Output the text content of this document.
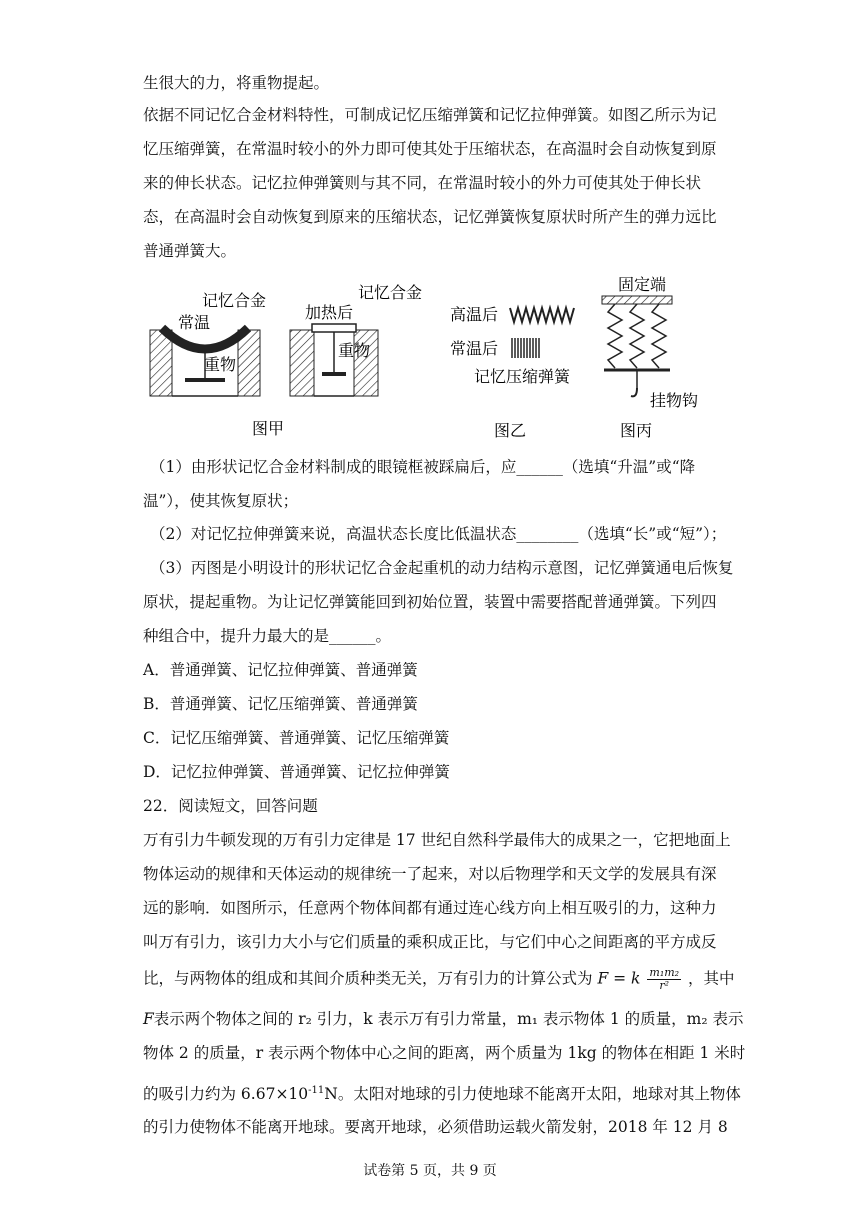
生很大的力，将重物提起。
依据不同记忆合金材料特性，可制成记忆压缩弹簧和记忆拉伸弹簧。如图乙所示为记
忆压缩弹簧，在常温时较小的外力即可使其处于压缩状态，在高温时会自动恢复到原
来的伸长状态。记忆拉伸弹簧则与其不同，在常温时较小的外力可使其处于伸长状
态，在高温时会自动恢复到原来的压缩状态，记忆弹簧恢复原状时所产生的弹力远比
普通弹簧大。
记忆合金
常温
重物
加热后
记忆合金
重物
高温后
常温后
记忆压缩弹簧
固定端
挂物钩
图甲	图乙	图丙
（1）由形状记忆合金材料制成的眼镜框被踩扁后，应______（选填“升温”或“降
温”），使其恢复原状；
（2）对记忆拉伸弹簧来说，高温状态长度比低温状态________（选填“长”或“短”）；
（3）丙图是小明设计的形状记忆合金起重机的动力结构示意图，记忆弹簧通电后恢复
原状，提起重物。为让记忆弹簧能回到初始位置，装置中需要搭配普通弹簧。下列四
种组合中，提升力最大的是______。
A．普通弹簧、记忆拉伸弹簧、普通弹簧
B．普通弹簧、记忆压缩弹簧、普通弹簧
C．记忆压缩弹簧、普通弹簧、记忆压缩弹簧
D．记忆拉伸弹簧、普通弹簧、记忆拉伸弹簧
22．阅读短文，回答问题
万有引力牛顿发现的万有引力定律是 17 世纪自然科学最伟大的成果之一，它把地面上
物体运动的规律和天体运动的规律统一了起来，对以后物理学和天文学的发展具有深
远的影响．如图所示，任意两个物体间都有通过连心线方向上相互吸引的力，这种力
叫万有引力，该引力大小与它们质量的乘积成正比，与它们中心之间距离的平方成反
比，与两物体的组成和其间介质种类无关，万有引力的计算公式为 F = k $\frac{\text{m₁m₂}}{\text{r²}}$ ，其中
F表示两个物体之间的 r₂ 引力，k 表示万有引力常量，m₁ 表示物体 1 的质量，m₂ 表示
物体 2 的质量，r 表示两个物体中心之间的距离，两个质量为 1kg 的物体在相距 1 米时
的吸引力约为 $6.67\times 10^{-11}N$。太阳对地球的引力使地球不能离开太阳，地球对其上物体
的引力使物体不能离开地球。要离开地球，必须借助运载火箭发射，2018 年 12 月 8
试卷第 5 页，共 9 页
